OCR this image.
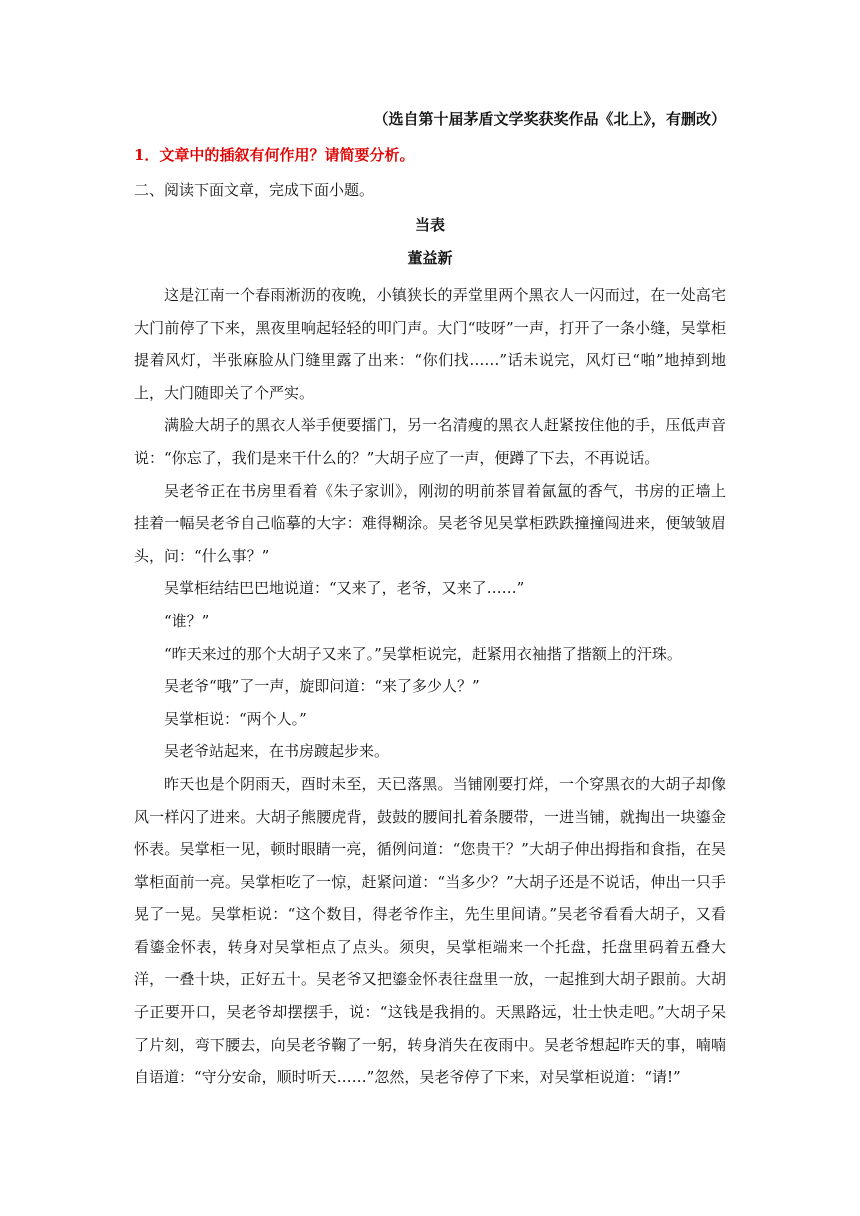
（选自第十届茅盾文学奖获奖作品《北上》，有删改）
1．文章中的插叙有何作用？请简要分析。
二、阅读下面文章，完成下面小题。
当表
董益新

这是江南一个春雨淅沥的夜晚，小镇狭长的弄堂里两个黑衣人一闪而过，在一处高宅大门前停了下来，黑夜里响起轻轻的叩门声。大门“吱呀”一声，打开了一条小缝，吴掌柜提着风灯，半张麻脸从门缝里露了出来：“你们找……”话未说完，风灯已“啪”地掉到地上，大门随即关了个严实。

满脸大胡子的黑衣人举手便要擂门，另一名清瘦的黑衣人赶紧按住他的手，压低声音说：“你忘了，我们是来干什么的？”大胡子应了一声，便蹲了下去，不再说话。

吴老爷正在书房里看着《朱子家训》，刚沏的明前茶冒着氤氲的香气，书房的正墙上挂着一幅吴老爷自己临摹的大字：难得糊涂。吴老爷见吴掌柜跌跌撞撞闯进来，便皱皱眉头，问：“什么事？”

吴掌柜结结巴巴地说道：“又来了，老爷，又来了……”

“谁？”

“昨天来过的那个大胡子又来了。”吴掌柜说完，赶紧用衣袖揩了揩额上的汗珠。

吴老爷“哦”了一声，旋即问道：“来了多少人？”

吴掌柜说：“两个人。”

吴老爷站起来，在书房踱起步来。

昨天也是个阴雨天，酉时未至，天已落黑。当铺刚要打烊，一个穿黑衣的大胡子却像风一样闪了进来。大胡子熊腰虎背，鼓鼓的腰间扎着条腰带，一进当铺，就掏出一块鎏金怀表。吴掌柜一见，顿时眼睛一亮，循例问道：“您贵干？”大胡子伸出拇指和食指，在吴掌柜面前一亮。吴掌柜吃了一惊，赶紧问道：“当多少？”大胡子还是不说话，伸出一只手晃了一晃。吴掌柜说：“这个数目，得老爷作主，先生里间请。”吴老爷看看大胡子，又看看鎏金怀表，转身对吴掌柜点了点头。须臾，吴掌柜端来一个托盘，托盘里码着五叠大洋，一叠十块，正好五十。吴老爷又把鎏金怀表往盘里一放，一起推到大胡子跟前。大胡子正要开口，吴老爷却摆摆手，说：“这钱是我捐的。天黑路远，壮士快走吧。”大胡子呆了片刻，弯下腰去，向吴老爷鞠了一躬，转身消失在夜雨中。吴老爷想起昨天的事，喃喃自语道：“守分安命，顺时听天……”忽然，吴老爷停了下来，对吴掌柜说道：“请!”
